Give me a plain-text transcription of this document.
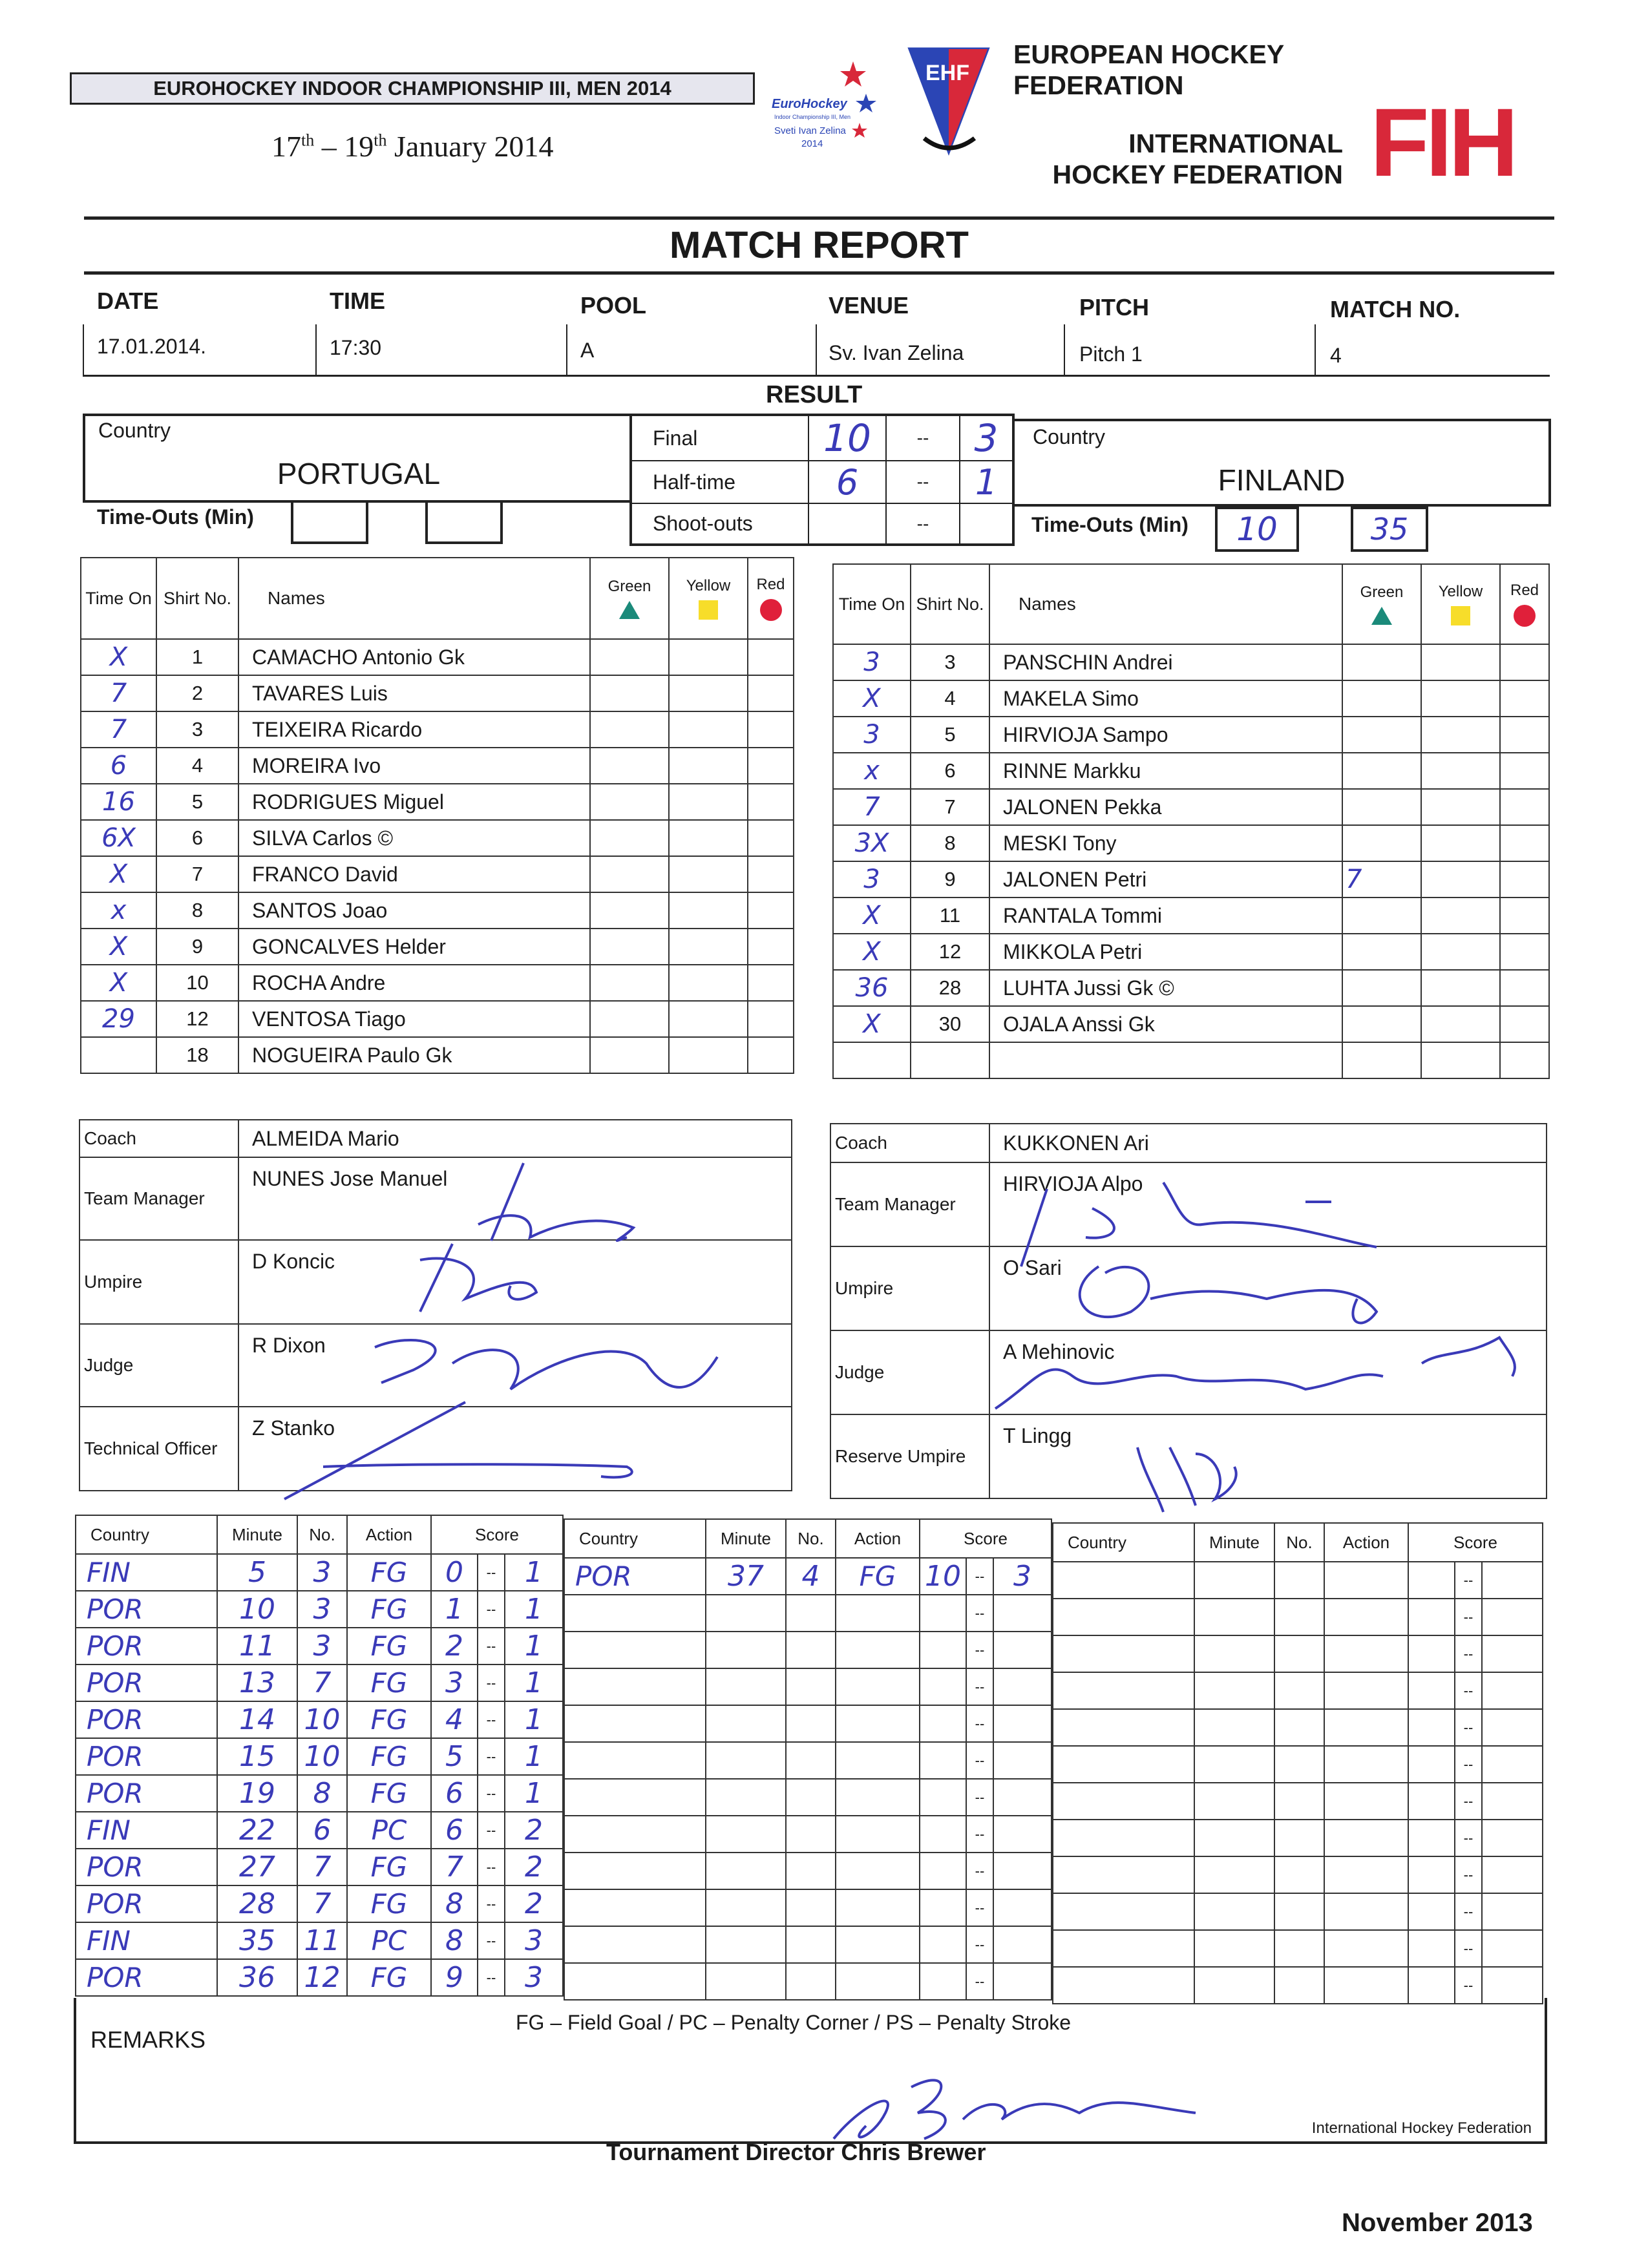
EUROHOCKEY INDOOR CHAMPIONSHIP III, MEN 2014
17th – 19th January 2014
EuroHockey
Indoor Championship III, Men
Sveti Ivan Zelina
2014
EHF
EUROPEAN HOCKEY FEDERATION
INTERNATIONAL HOCKEY FEDERATION FIH
MATCH REPORT
DATE	TIME	POOL	VENUE	PITCH	MATCH NO.
17.01.2014.	17:30	A	Sv. Ivan Zelina	Pitch 1	4
RESULT
Country
PORTUGAL
Final	10	--	3
Half-time	6	--	1
Shoot-outs		--	
Country
FINLAND
Time-Outs (Min)	Time-Outs (Min)	10	35
Time On	Shirt No.	Names	Green	Yellow	Red

X	1	CAMACHO Antonio Gk			
7	2	TAVARES Luis			
7	3	TEIXEIRA Ricardo			
6	4	MOREIRA Ivo			
16	5	RODRIGUES Miguel			
6X	6	SILVA Carlos ©			
X	7	FRANCO David			
x	8	SANTOS Joao			
X	9	GONCALVES Helder			
X	10	ROCHA Andre			
29	12	VENTOSA Tiago			
	18	NOGUEIRA Paulo Gk			
Coach	ALMEIDA Mario
Team Manager	NUNES Jose Manuel
Umpire	D Koncic
Judge	R Dixon
Technical Officer	Z Stanko
Time On	Shirt No.	Names	Green	Yellow	Red

3	3	PANSCHIN Andrei			
X	4	MAKELA Simo			
3	5	HIRVIOJA Sampo			
x	6	RINNE Markku			
7	7	JALONEN Pekka			
3X	8	MESKI Tony			
3	9	JALONEN Petri	7		
X	11	RANTALA Tommi			
X	12	MIKKOLA Petri			
36	28	LUHTA Jussi Gk ©			
X	30	OJALA Anssi Gk			

Coach	KUKKONEN Ari
Team Manager	HIRVIOJA Alpo
Umpire	O Sari
Judge	A Mehinovic
Reserve Umpire	T Lingg
Country	Minute	No.	Action	Score		
FIN	5	3	FG	0	--	1
POR	10	3	FG	1	--	1
POR	11	3	FG	2	--	1
POR	13	7	FG	3	--	1
POR	14	10	FG	4	--	1
POR	15	10	FG	5	--	1
POR	19	8	FG	6	--	1
FIN	22	6	PC	6	--	2
POR	27	7	FG	7	--	2
POR	28	7	FG	8	--	2
FIN	35	11	PC	8	--	3
POR	36	12	FG	9	--	3
Country	Minute	No.	Action	Score		
POR	37	4	FG	10	--	3
					--	
					--	
					--	
					--	
					--	
					--	
					--	
					--	
					--	
					--	
					--	
Country	Minute	No.	Action	Score		
					--	
					--	
					--	
					--	
					--	
					--	
					--	
					--	
					--	
					--	
					--	
					--	
FG – Field Goal / PC – Penalty Corner / PS – Penalty Stroke
REMARKS
International Hockey Federation
Tournament Director Chris Brewer
November 2013
